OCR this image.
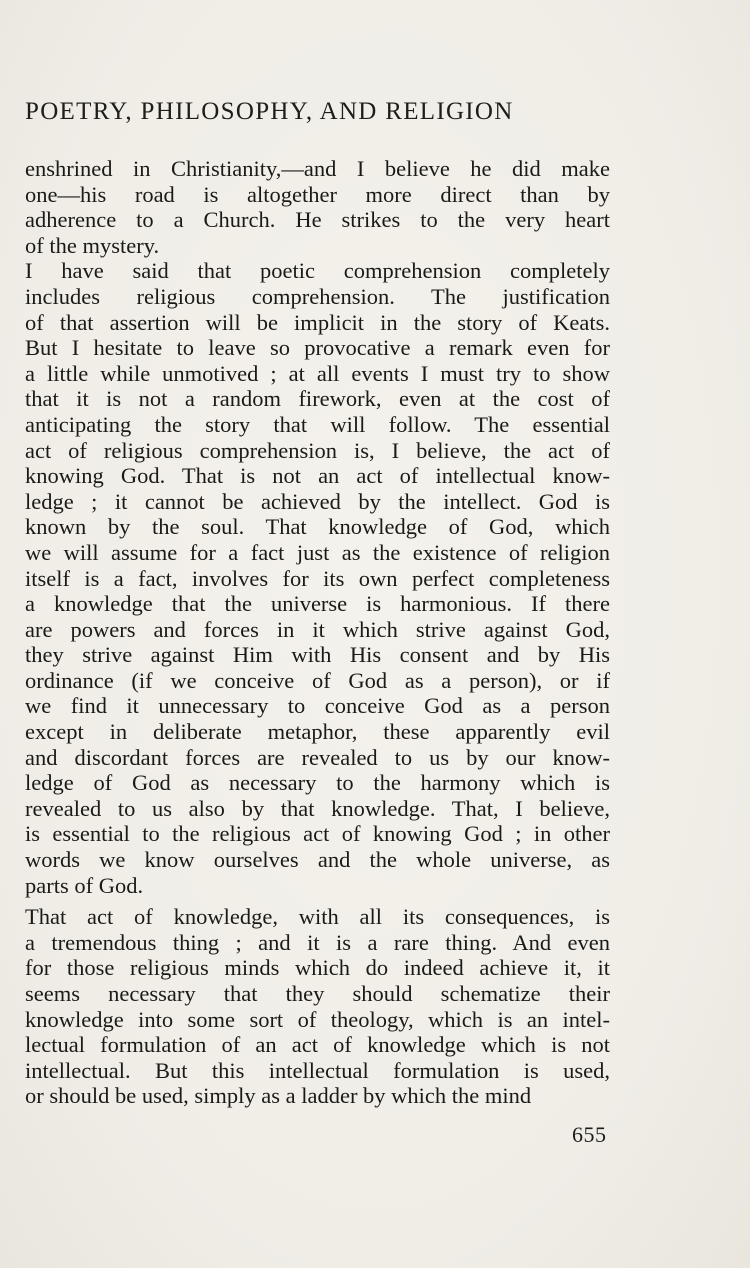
POETRY, PHILOSOPHY, AND RELIGION
enshrined in Christianity,—and I believe he did make
one—his road is altogether more direct than by
adherence to a Church. He strikes to the very heart
of the mystery.
I have said that poetic comprehension completely
includes religious comprehension. The justification
of that assertion will be implicit in the story of Keats.
But I hesitate to leave so provocative a remark even for
a little while unmotived ; at all events I must try to show
that it is not a random firework, even at the cost of
anticipating the story that will follow. The essential
act of religious comprehension is, I believe, the act of
knowing God. That is not an act of intellectual know-
ledge ; it cannot be achieved by the intellect. God is
known by the soul. That knowledge of God, which
we will assume for a fact just as the existence of religion
itself is a fact, involves for its own perfect completeness
a knowledge that the universe is harmonious. If there
are powers and forces in it which strive against God,
they strive against Him with His consent and by His
ordinance (if we conceive of God as a person), or if
we find it unnecessary to conceive God as a person
except in deliberate metaphor, these apparently evil
and discordant forces are revealed to us by our know-
ledge of God as necessary to the harmony which is
revealed to us also by that knowledge. That, I believe,
is essential to the religious act of knowing God ; in other
words we know ourselves and the whole universe, as
parts of God.
That act of knowledge, with all its consequences, is
a tremendous thing ; and it is a rare thing. And even
for those religious minds which do indeed achieve it, it
seems necessary that they should schematize their
knowledge into some sort of theology, which is an intel-
lectual formulation of an act of knowledge which is not
intellectual. But this intellectual formulation is used,
or should be used, simply as a ladder by which the mind
655
